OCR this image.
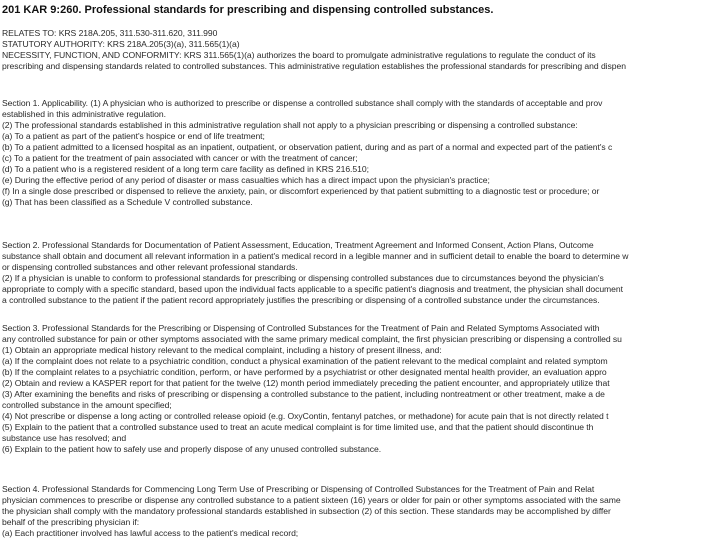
201 KAR 9:260. Professional standards for prescribing and dispensing controlled substances.
RELATES TO: KRS 218A.205, 311.530-311.620, 311.990
STATUTORY AUTHORITY: KRS 218A.205(3)(a), 311.565(1)(a)
NECESSITY, FUNCTION, AND CONFORMITY: KRS 311.565(1)(a) authorizes the board to promulgate administrative regulations to regulate the conduct of its
prescribing and dispensing standards related to controlled substances. This administrative regulation establishes the professional standards for prescribing and dispen
Section 1. Applicability. (1) A physician who is authorized to prescribe or dispense a controlled substance shall comply with the standards of acceptable and prov
established in this administrative regulation.
(2) The professional standards established in this administrative regulation shall not apply to a physician prescribing or dispensing a controlled substance:
(a) To a patient as part of the patient's hospice or end of life treatment;
(b) To a patient admitted to a licensed hospital as an inpatient, outpatient, or observation patient, during and as part of a normal and expected part of the patient's c
(c) To a patient for the treatment of pain associated with cancer or with the treatment of cancer;
(d) To a patient who is a registered resident of a long term care facility as defined in KRS 216.510;
(e) During the effective period of any period of disaster or mass casualties which has a direct impact upon the physician's practice;
(f) In a single dose prescribed or dispensed to relieve the anxiety, pain, or discomfort experienced by that patient submitting to a diagnostic test or procedure; or
(g) That has been classified as a Schedule V controlled substance.
Section 2. Professional Standards for Documentation of Patient Assessment, Education, Treatment Agreement and Informed Consent, Action Plans, Outcome
substance shall obtain and document all relevant information in a patient's medical record in a legible manner and in sufficient detail to enable the board to determine w
or dispensing controlled substances and other relevant professional standards.
(2) If a physician is unable to conform to professional standards for prescribing or dispensing controlled substances due to circumstances beyond the physician's
appropriate to comply with a specific standard, based upon the individual facts applicable to a specific patient's diagnosis and treatment, the physician shall document
a controlled substance to the patient if the patient record appropriately justifies the prescribing or dispensing of a controlled substance under the circumstances.
Section 3. Professional Standards for the Prescribing or Dispensing of Controlled Substances for the Treatment of Pain and Related Symptoms Associated with
any controlled substance for pain or other symptoms associated with the same primary medical complaint, the first physician prescribing or dispensing a controlled su
(1) Obtain an appropriate medical history relevant to the medical complaint, including a history of present illness, and:
(a) If the complaint does not relate to a psychiatric condition, conduct a physical examination of the patient relevant to the medical complaint and related symptom
(b) If the complaint relates to a psychiatric condition, perform, or have performed by a psychiatrist or other designated mental health provider, an evaluation appro
(2) Obtain and review a KASPER report for that patient for the twelve (12) month period immediately preceding the patient encounter, and appropriately utilize that
(3) After examining the benefits and risks of prescribing or dispensing a controlled substance to the patient, including nontreatment or other treatment, make a de
controlled substance in the amount specified;
(4) Not prescribe or dispense a long acting or controlled release opioid (e.g. OxyContin, fentanyl patches, or methadone) for acute pain that is not directly related t
(5) Explain to the patient that a controlled substance used to treat an acute medical complaint is for time limited use, and that the patient should discontinue th
substance use has resolved; and
(6) Explain to the patient how to safely use and properly dispose of any unused controlled substance.
Section 4. Professional Standards for Commencing Long Term Use of Prescribing or Dispensing of Controlled Substances for the Treatment of Pain and Relat
physician commences to prescribe or dispense any controlled substance to a patient sixteen (16) years or older for pain or other symptoms associated with the same
the physician shall comply with the mandatory professional standards established in subsection (2) of this section. These standards may be accomplished by differ
behalf of the prescribing physician if:
(a) Each practitioner involved has lawful access to the patient's medical record;
